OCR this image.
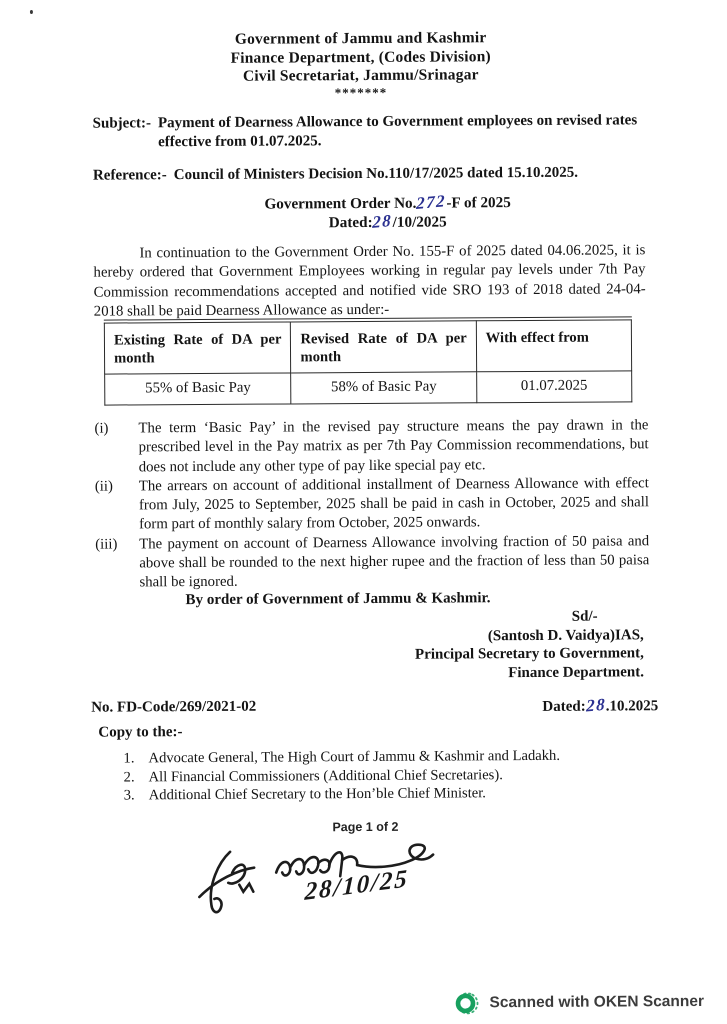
Government of Jammu and Kashmir
Finance Department, (Codes Division)
Civil Secretariat, Jammu/Srinagar
*******
Subject:- Payment of Dearness Allowance to Government employees on revised rates effective from 01.07.2025.
Reference:- Council of Ministers Decision No.110/17/2025 dated 15.10.2025.
Government Order No.272-F of 2025
Dated:28/10/2025
In continuation to the Government Order No. 155-F of 2025 dated 04.06.2025, it is hereby ordered that Government Employees working in regular pay levels under 7th Pay Commission recommendations accepted and notified vide SRO 193 of 2018 dated 24-04-2018 shall be paid Dearness Allowance as under:-
Existing Rate of DA per month	Revised Rate of DA per month	With effect from
55% of Basic Pay	58% of Basic Pay	01.07.2025
(i)	The term ‘Basic Pay’ in the revised pay structure means the pay drawn in the prescribed level in the Pay matrix as per 7th Pay Commission recommendations, but does not include any other type of pay like special pay etc.
(ii)	The arrears on account of additional installment of Dearness Allowance with effect from July, 2025 to September, 2025 shall be paid in cash in October, 2025 and shall form part of monthly salary from October, 2025 onwards.
(iii)	The payment on account of Dearness Allowance involving fraction of 50 paisa and above shall be rounded to the next higher rupee and the fraction of less than 50 paisa shall be ignored.
By order of Government of Jammu & Kashmir.
Sd/-
(Santosh D. Vaidya)IAS,
Principal Secretary to Government,
Finance Department.
No. FD-Code/269/2021-02	Dated:28.10.2025
Copy to the:-
1. Advocate General, The High Court of Jammu & Kashmir and Ladakh.
2. All Financial Commissioners (Additional Chief Secretaries).
3. Additional Chief Secretary to the Hon’ble Chief Minister.
Page 1 of 2
28/10/25
Scanned with OKEN Scanner
